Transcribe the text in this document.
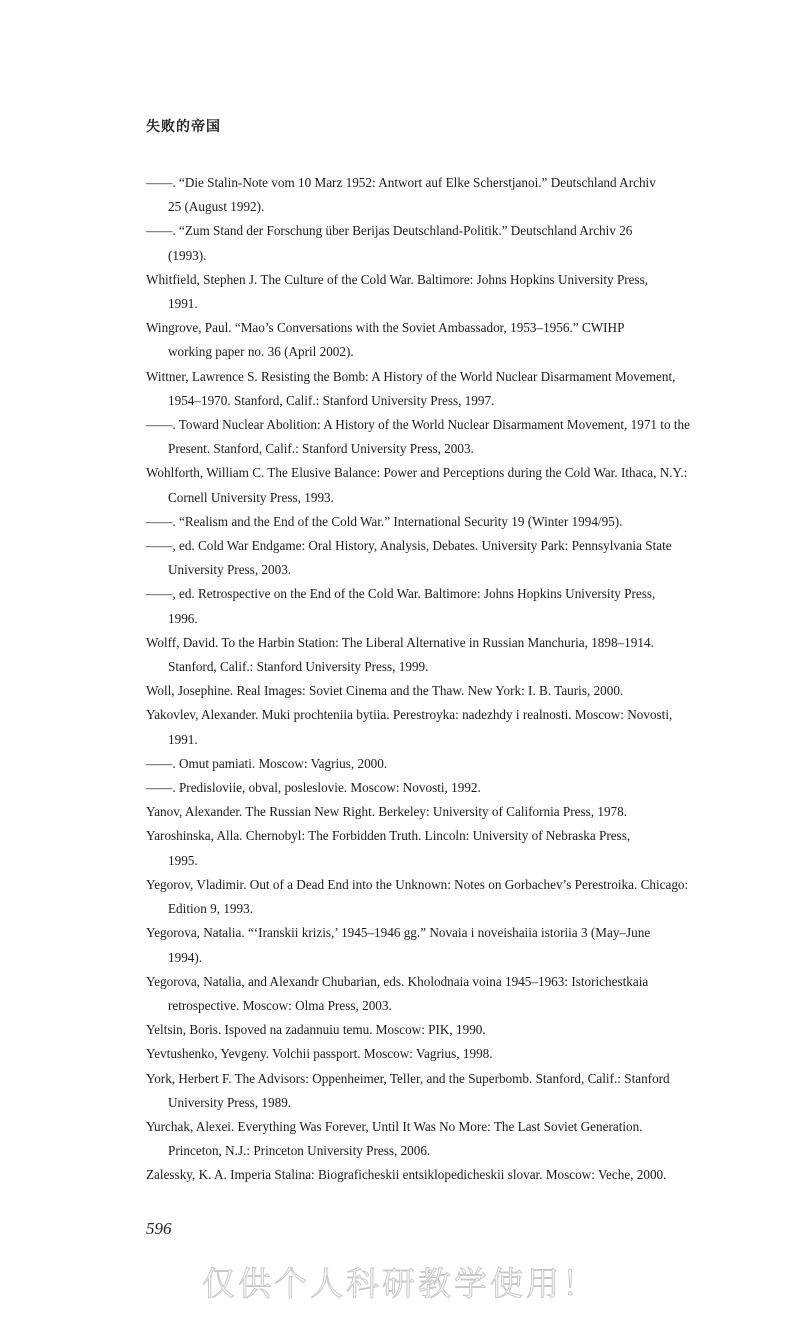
失败的帝国

——. “Die Stalin-Note vom 10 Marz 1952: Antwort auf Elke Scherstjanoi.” Deutschland Archiv
25 (August 1992).

——. “Zum Stand der Forschung über Berijas Deutschland-Politik.” Deutschland Archiv 26
(1993).

Whitfield, Stephen J. The Culture of the Cold War. Baltimore: Johns Hopkins University Press,
1991.

Wingrove, Paul. “Mao’s Conversations with the Soviet Ambassador, 1953–1956.” CWIHP
working paper no. 36 (April 2002).

Wittner, Lawrence S. Resisting the Bomb: A History of the World Nuclear Disarmament Movement,
1954–1970. Stanford, Calif.: Stanford University Press, 1997.

——. Toward Nuclear Abolition: A History of the World Nuclear Disarmament Movement, 1971 to the
Present. Stanford, Calif.: Stanford University Press, 2003.

Wohlforth, William C. The Elusive Balance: Power and Perceptions during the Cold War. Ithaca, N.Y.:
Cornell University Press, 1993.

——. “Realism and the End of the Cold War.” International Security 19 (Winter 1994/95).

——, ed. Cold War Endgame: Oral History, Analysis, Debates. University Park: Pennsylvania State
University Press, 2003.

——, ed. Retrospective on the End of the Cold War. Baltimore: Johns Hopkins University Press,
1996.

Wolff, David. To the Harbin Station: The Liberal Alternative in Russian Manchuria, 1898–1914.
Stanford, Calif.: Stanford University Press, 1999.

Woll, Josephine. Real Images: Soviet Cinema and the Thaw. New York: I. B. Tauris, 2000.

Yakovlev, Alexander. Muki prochteniia bytiia. Perestroyka: nadezhdy i realnosti. Moscow: Novosti,
1991.

——. Omut pamiati. Moscow: Vagrius, 2000.

——. Predisloviie, obval, posleslovie. Moscow: Novosti, 1992.

Yanov, Alexander. The Russian New Right. Berkeley: University of California Press, 1978.

Yaroshinska, Alla. Chernobyl: The Forbidden Truth. Lincoln: University of Nebraska Press,
1995.

Yegorov, Vladimir. Out of a Dead End into the Unknown: Notes on Gorbachev’s Perestroika. Chicago:
Edition 9, 1993.

Yegorova, Natalia. “‘Iranskii krizis,’ 1945–1946 gg.” Novaia i noveishaiia istoriia 3 (May–June
1994).

Yegorova, Natalia, and Alexandr Chubarian, eds. Kholodnaia voina 1945–1963: Istorichestkaia
retrospective. Moscow: Olma Press, 2003.

Yeltsin, Boris. Ispoved na zadannuiu temu. Moscow: PIK, 1990.

Yevtushenko, Yevgeny. Volchii passport. Moscow: Vagrius, 1998.

York, Herbert F. The Advisors: Oppenheimer, Teller, and the Superbomb. Stanford, Calif.: Stanford
University Press, 1989.

Yurchak, Alexei. Everything Was Forever, Until It Was No More: The Last Soviet Generation.
Princeton, N.J.: Princeton University Press, 2006.

Zalessky, K. A. Imperia Stalina: Biograficheskii entsiklopedicheskii slovar. Moscow: Veche, 2000.

596
仅供个人科研教学使用！
